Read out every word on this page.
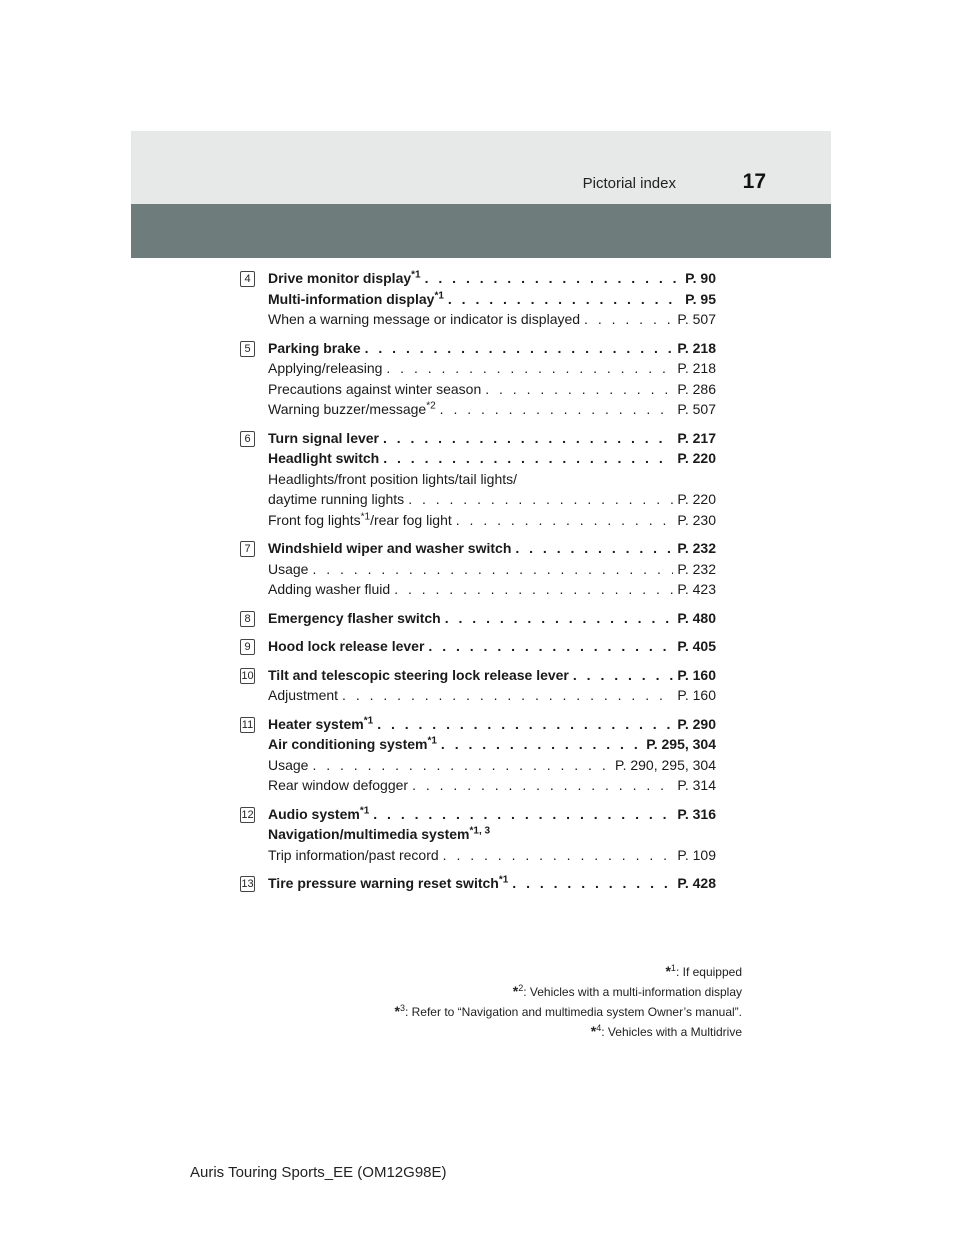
Pictorial index	17
4	Drive monitor display$^{*1}$ . . .	P. 90
Multi-information display$^{*1}$ . . .	P. 95
When a warning message or indicator is displayed . . .	P. 507
5	Parking brake . . .	P. 218
Applying/releasing . . .	P. 218
Precautions against winter season . . .	P. 286
Warning buzzer/message$^{*2}$ . . .	P. 507
6	Turn signal lever . . .	P. 217
Headlight switch . . .	P. 220
Headlights/front position lights/tail lights/
daytime running lights . . .	P. 220
Front fog lights$^{*1}$/rear fog light . . .	P. 230
7	Windshield wiper and washer switch . . .	P. 232
Usage . . .	P. 232
Adding washer fluid . . .	P. 423
8	Emergency flasher switch . . .	P. 480
9	Hood lock release lever . . .	P. 405
10 Tilt and telescopic steering lock release lever . . .	P. 160
Adjustment . . .	P. 160
11 Heater system$^{*1}$ . . .	P. 290
Air conditioning system$^{*1}$ . . .	P. 295, 304
Usage . . .	P. 290, 295, 304
Rear window defogger . . .	P. 314
12 Audio system$^{*1}$ . . .	P. 316
Navigation/multimedia system$^{*1, 3}$
Trip information/past record . . .	P. 109
13 Tire pressure warning reset switch$^{*1}$ . . .	P. 428
*$^1$: If equipped
*$^2$: Vehicles with a multi-information display
*$^3$: Refer to “Navigation and multimedia system Owner’s manual”.
*$^4$: Vehicles with a Multidrive
Auris Touring Sports_EE (OM12G98E)
